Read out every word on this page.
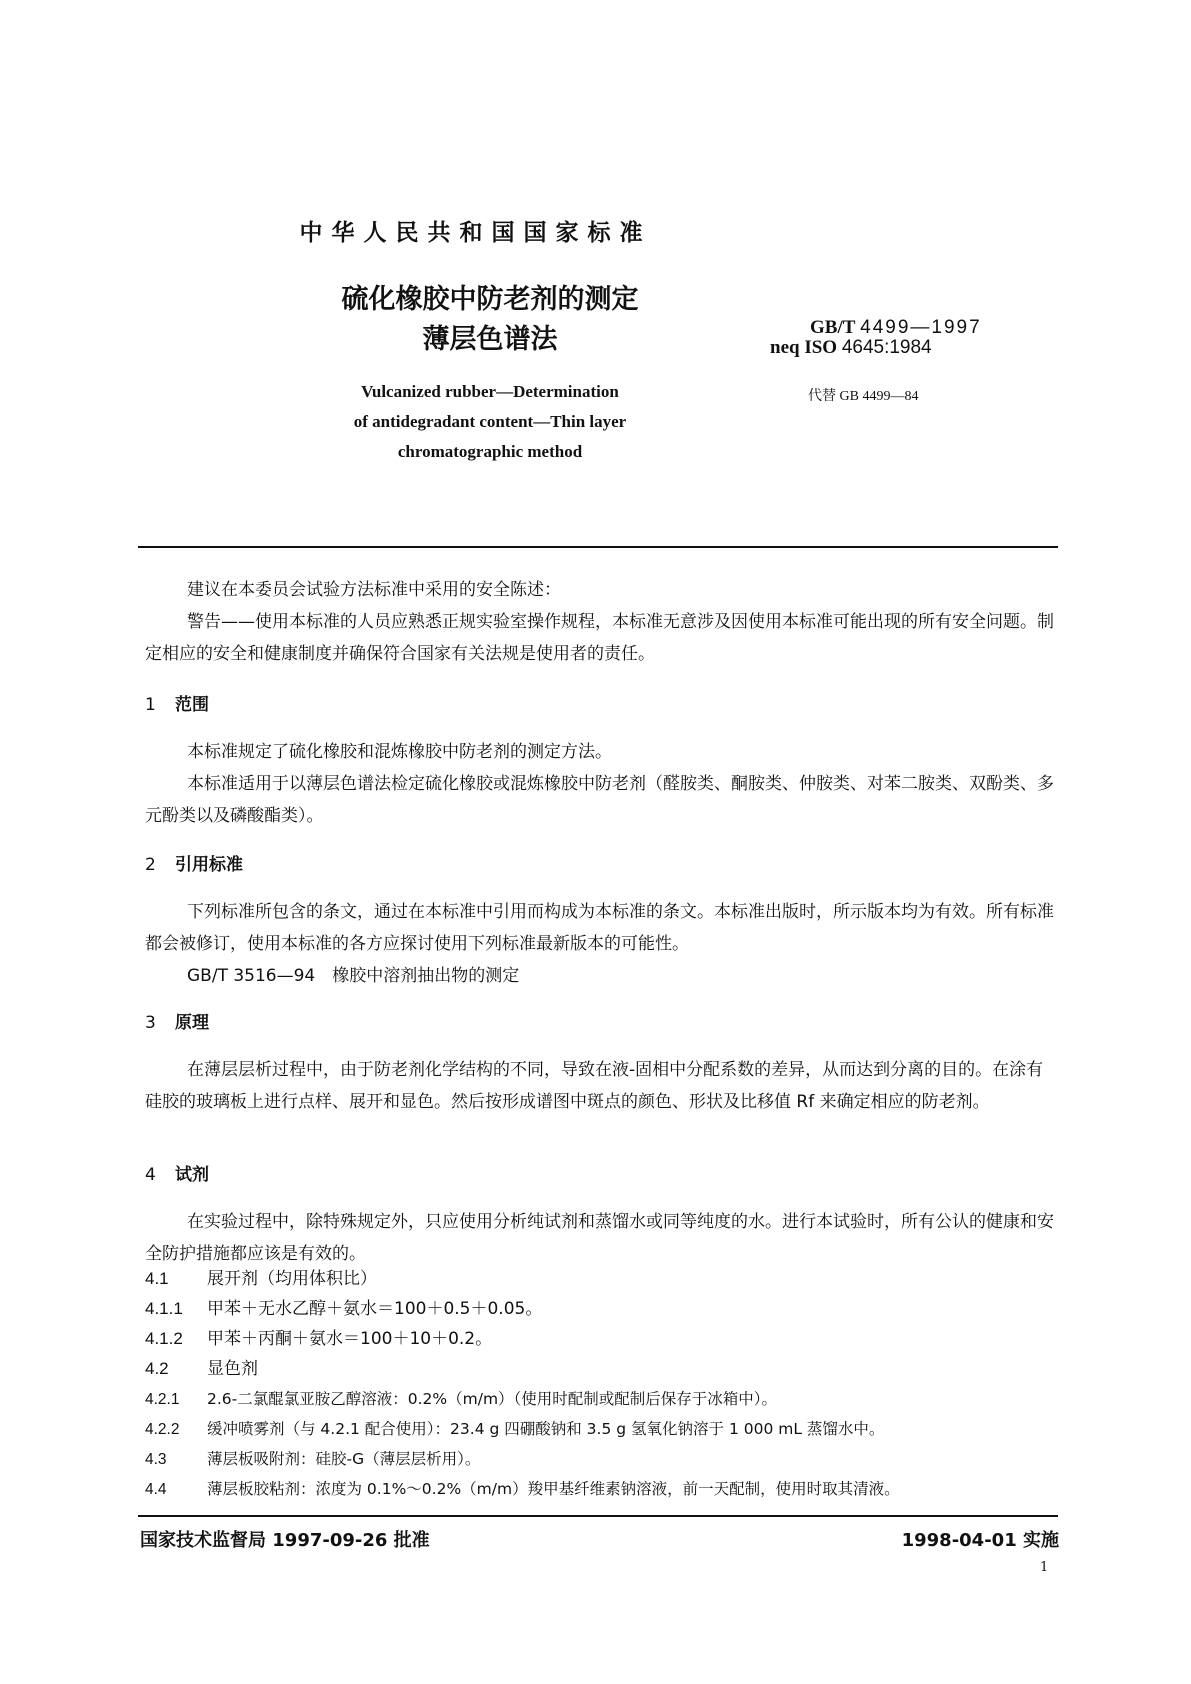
中华人民共和国国家标准
硫化橡胶中防老剂的测定
薄层色谱法
Vulcanized rubber—Determination
of antidegradant content—Thin layer
chromatographic method
GB/T 4499—1997
neq ISO 4645:1984
代替 GB 4499—84
建议在本委员会试验方法标准中采用的安全陈述：
警告——使用本标准的人员应熟悉正规实验室操作规程，本标准无意涉及因使用本标准可能出现的所有安全问题。制定相应的安全和健康制度并确保符合国家有关法规是使用者的责任。
1 范围
本标准规定了硫化橡胶和混炼橡胶中防老剂的测定方法。
本标准适用于以薄层色谱法检定硫化橡胶或混炼橡胶中防老剂（醛胺类、酮胺类、仲胺类、对苯二胺类、双酚类、多元酚类以及磷酸酯类）。
2 引用标准
下列标准所包含的条文，通过在本标准中引用而构成为本标准的条文。本标准出版时，所示版本均为有效。所有标准都会被修订，使用本标准的各方应探讨使用下列标准最新版本的可能性。
GB/T 3516—94　橡胶中溶剂抽出物的测定
3 原理
在薄层层析过程中，由于防老剂化学结构的不同，导致在液-固相中分配系数的差异，从而达到分离的目的。在涂有硅胶的玻璃板上进行点样、展开和显色。然后按形成谱图中斑点的颜色、形状及比移值 Rf 来确定相应的防老剂。
4 试剂
在实验过程中，除特殊规定外，只应使用分析纯试剂和蒸馏水或同等纯度的水。进行本试验时，所有公认的健康和安全防护措施都应该是有效的。
4.1 展开剂（均用体积比）
4.1.1 甲苯＋无水乙醇＋氨水＝100＋0.5＋0.05。
4.1.2 甲苯＋丙酮＋氨水＝100＋10＋0.2。
4.2 显色剂
4.2.1 2.6-二氯醌氯亚胺乙醇溶液：0.2%（m/m）（使用时配制或配制后保存于冰箱中）。
4.2.2 缓冲喷雾剂（与 4.2.1 配合使用）：23.4 g 四硼酸钠和 3.5 g 氢氧化钠溶于 1 000 mL 蒸馏水中。
4.3	薄层板吸附剂：硅胶-G（薄层层析用）。
4.4	薄层板胶粘剂：浓度为 0.1%～0.2%（m/m）羧甲基纤维素钠溶液，前一天配制，使用时取其清液。
国家技术监督局 1997-09-26 批准	1998-04-01 实施
1
